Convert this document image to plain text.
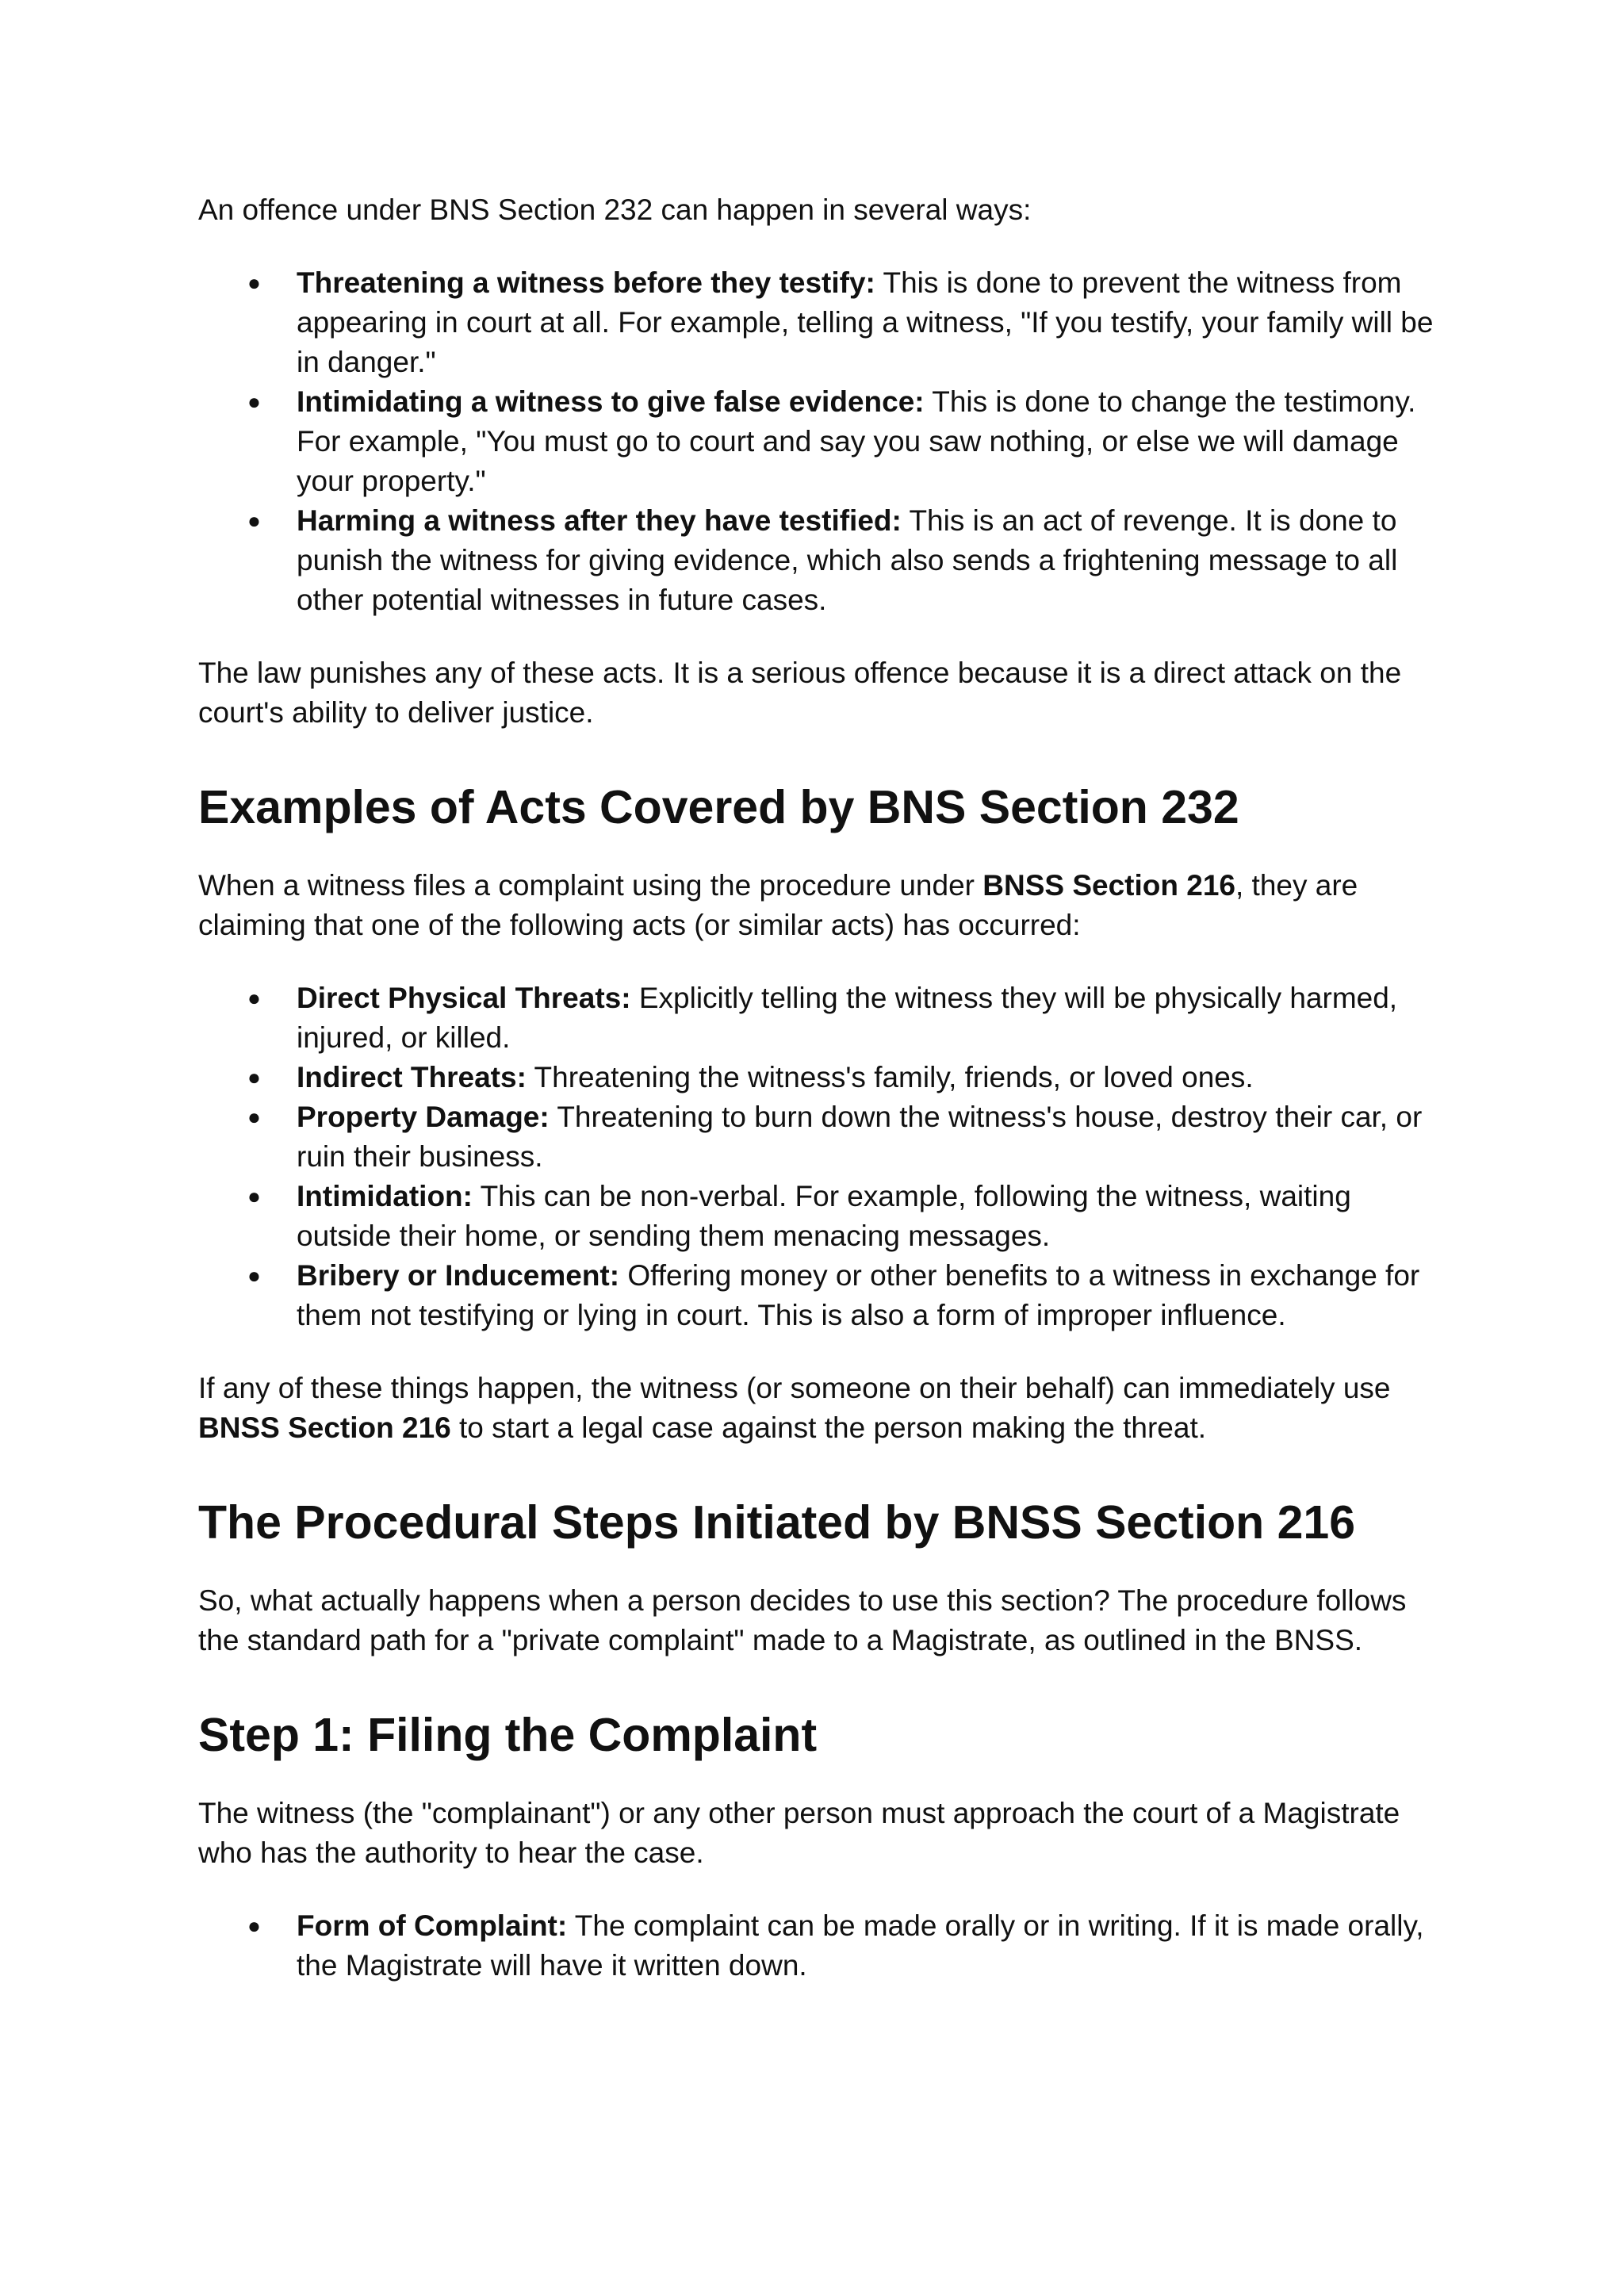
An offence under BNS Section 232 can happen in several ways:

● Threatening a witness before they testify: This is done to prevent the witness from appearing in court at all. For example, telling a witness, "If you testify, your family will be in danger."
● Intimidating a witness to give false evidence: This is done to change the testimony. For example, "You must go to court and say you saw nothing, or else we will damage your property."
● Harming a witness after they have testified: This is an act of revenge. It is done to punish the witness for giving evidence, which also sends a frightening message to all other potential witnesses in future cases.

The law punishes any of these acts. It is a serious offence because it is a direct attack on the court's ability to deliver justice.

Examples of Acts Covered by BNS Section 232

When a witness files a complaint using the procedure under BNSS Section 216, they are claiming that one of the following acts (or similar acts) has occurred:

● Direct Physical Threats: Explicitly telling the witness they will be physically harmed, injured, or killed.
● Indirect Threats: Threatening the witness's family, friends, or loved ones.
● Property Damage: Threatening to burn down the witness's house, destroy their car, or ruin their business.
● Intimidation: This can be non-verbal. For example, following the witness, waiting outside their home, or sending them menacing messages.
● Bribery or Inducement: Offering money or other benefits to a witness in exchange for them not testifying or lying in court. This is also a form of improper influence.

If any of these things happen, the witness (or someone on their behalf) can immediately use BNSS Section 216 to start a legal case against the person making the threat.

The Procedural Steps Initiated by BNSS Section 216

So, what actually happens when a person decides to use this section? The procedure follows the standard path for a "private complaint" made to a Magistrate, as outlined in the BNSS.

Step 1: Filing the Complaint

The witness (the "complainant") or any other person must approach the court of a Magistrate who has the authority to hear the case.

● Form of Complaint: The complaint can be made orally or in writing. If it is made orally, the Magistrate will have it written down.
